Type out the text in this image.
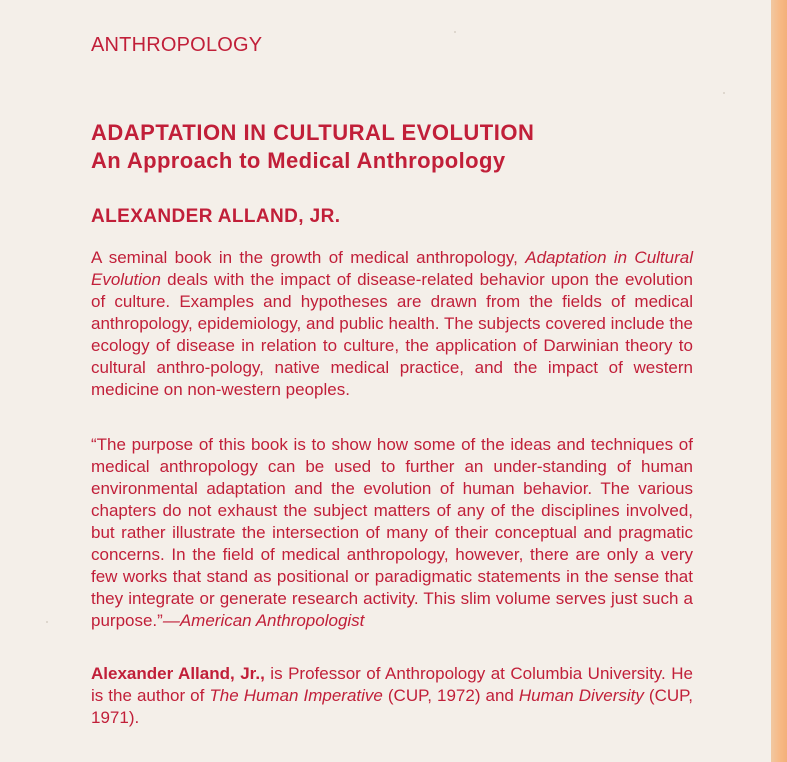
ANTHROPOLOGY
ADAPTATION IN CULTURAL EVOLUTION
An Approach to Medical Anthropology
ALEXANDER ALLAND, JR.
A seminal book in the growth of medical anthropology, Adaptation in Cultural Evolution deals with the impact of disease-related behavior upon the evolution of culture. Examples and hypotheses are drawn from the fields of medical anthropology, epidemiology, and public health. The subjects covered include the ecology of disease in relation to culture, the application of Darwinian theory to cultural anthro-pology, native medical practice, and the impact of western medicine on non-western peoples.
“The purpose of this book is to show how some of the ideas and techniques of medical anthropology can be used to further an under-standing of human environmental adaptation and the evolution of human behavior. The various chapters do not exhaust the subject matters of any of the disciplines involved, but rather illustrate the intersection of many of their conceptual and pragmatic concerns. In the field of medical anthropology, however, there are only a very few works that stand as positional or paradigmatic statements in the sense that they integrate or generate research activity. This slim volume serves just such a purpose.”—American Anthropologist
Alexander Alland, Jr., is Professor of Anthropology at Columbia University. He is the author of The Human Imperative (CUP, 1972) and Human Diversity (CUP, 1971).
